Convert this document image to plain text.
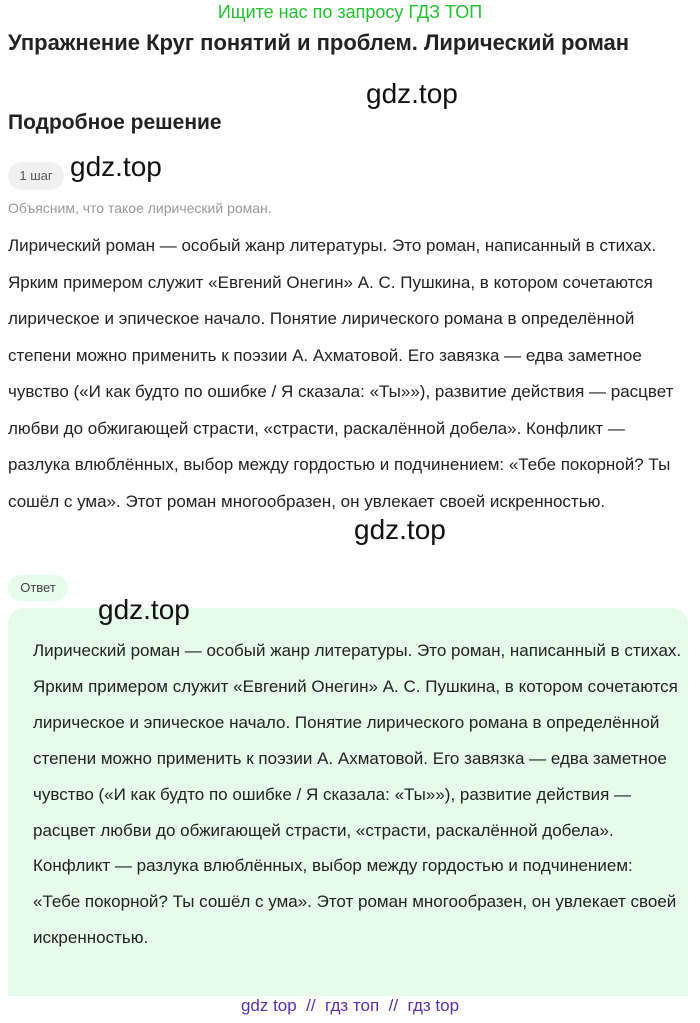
Ищите нас по запросу ГДЗ ТОП
Упражнение Круг понятий и проблем. Лирический роман
gdz.top
Подробное решение
1 шаг gdz.top
Объясним, что такое лирический роман.

Лирический роман — особый жанр литературы. Это роман, написанный в стихах. Ярким примером служит «Евгений Онегин» А. С. Пушкина, в котором сочетаются лирическое и эпическое начало. Понятие лирического романа в определённой степени можно применить к поэзии А. Ахматовой. Его завязка — едва заметное чувство («И как будто по ошибке / Я сказала: «Ты»»), развитие действия — расцвет любви до обжигающей страсти, «страсти, раскалённой добела». Конфликт — разлука влюблённых, выбор между гордостью и подчинением: «Тебе покорной? Ты сошёл с ума». Этот роман многообразен, он увлекает своей искренностью.

gdz.top
Ответ
gdz.top

Лирический роман — особый жанр литературы. Это роман, написанный в стихах. Ярким примером служит «Евгений Онегин» А. С. Пушкина, в котором сочетаются лирическое и эпическое начало. Понятие лирического романа в определённой степени можно применить к поэзии А. Ахматовой. Его завязка — едва заметное чувство («И как будто по ошибке / Я сказала: «Ты»»), развитие действия — расцвет любви до обжигающей страсти, «страсти, раскалённой добела». Конфликт — разлука влюблённых, выбор между гордостью и подчинением: «Тебе покорной? Ты сошёл с ума». Этот роман многообразен, он увлекает своей искренностью.

gdz top  //  гдз топ  //  гдз top
